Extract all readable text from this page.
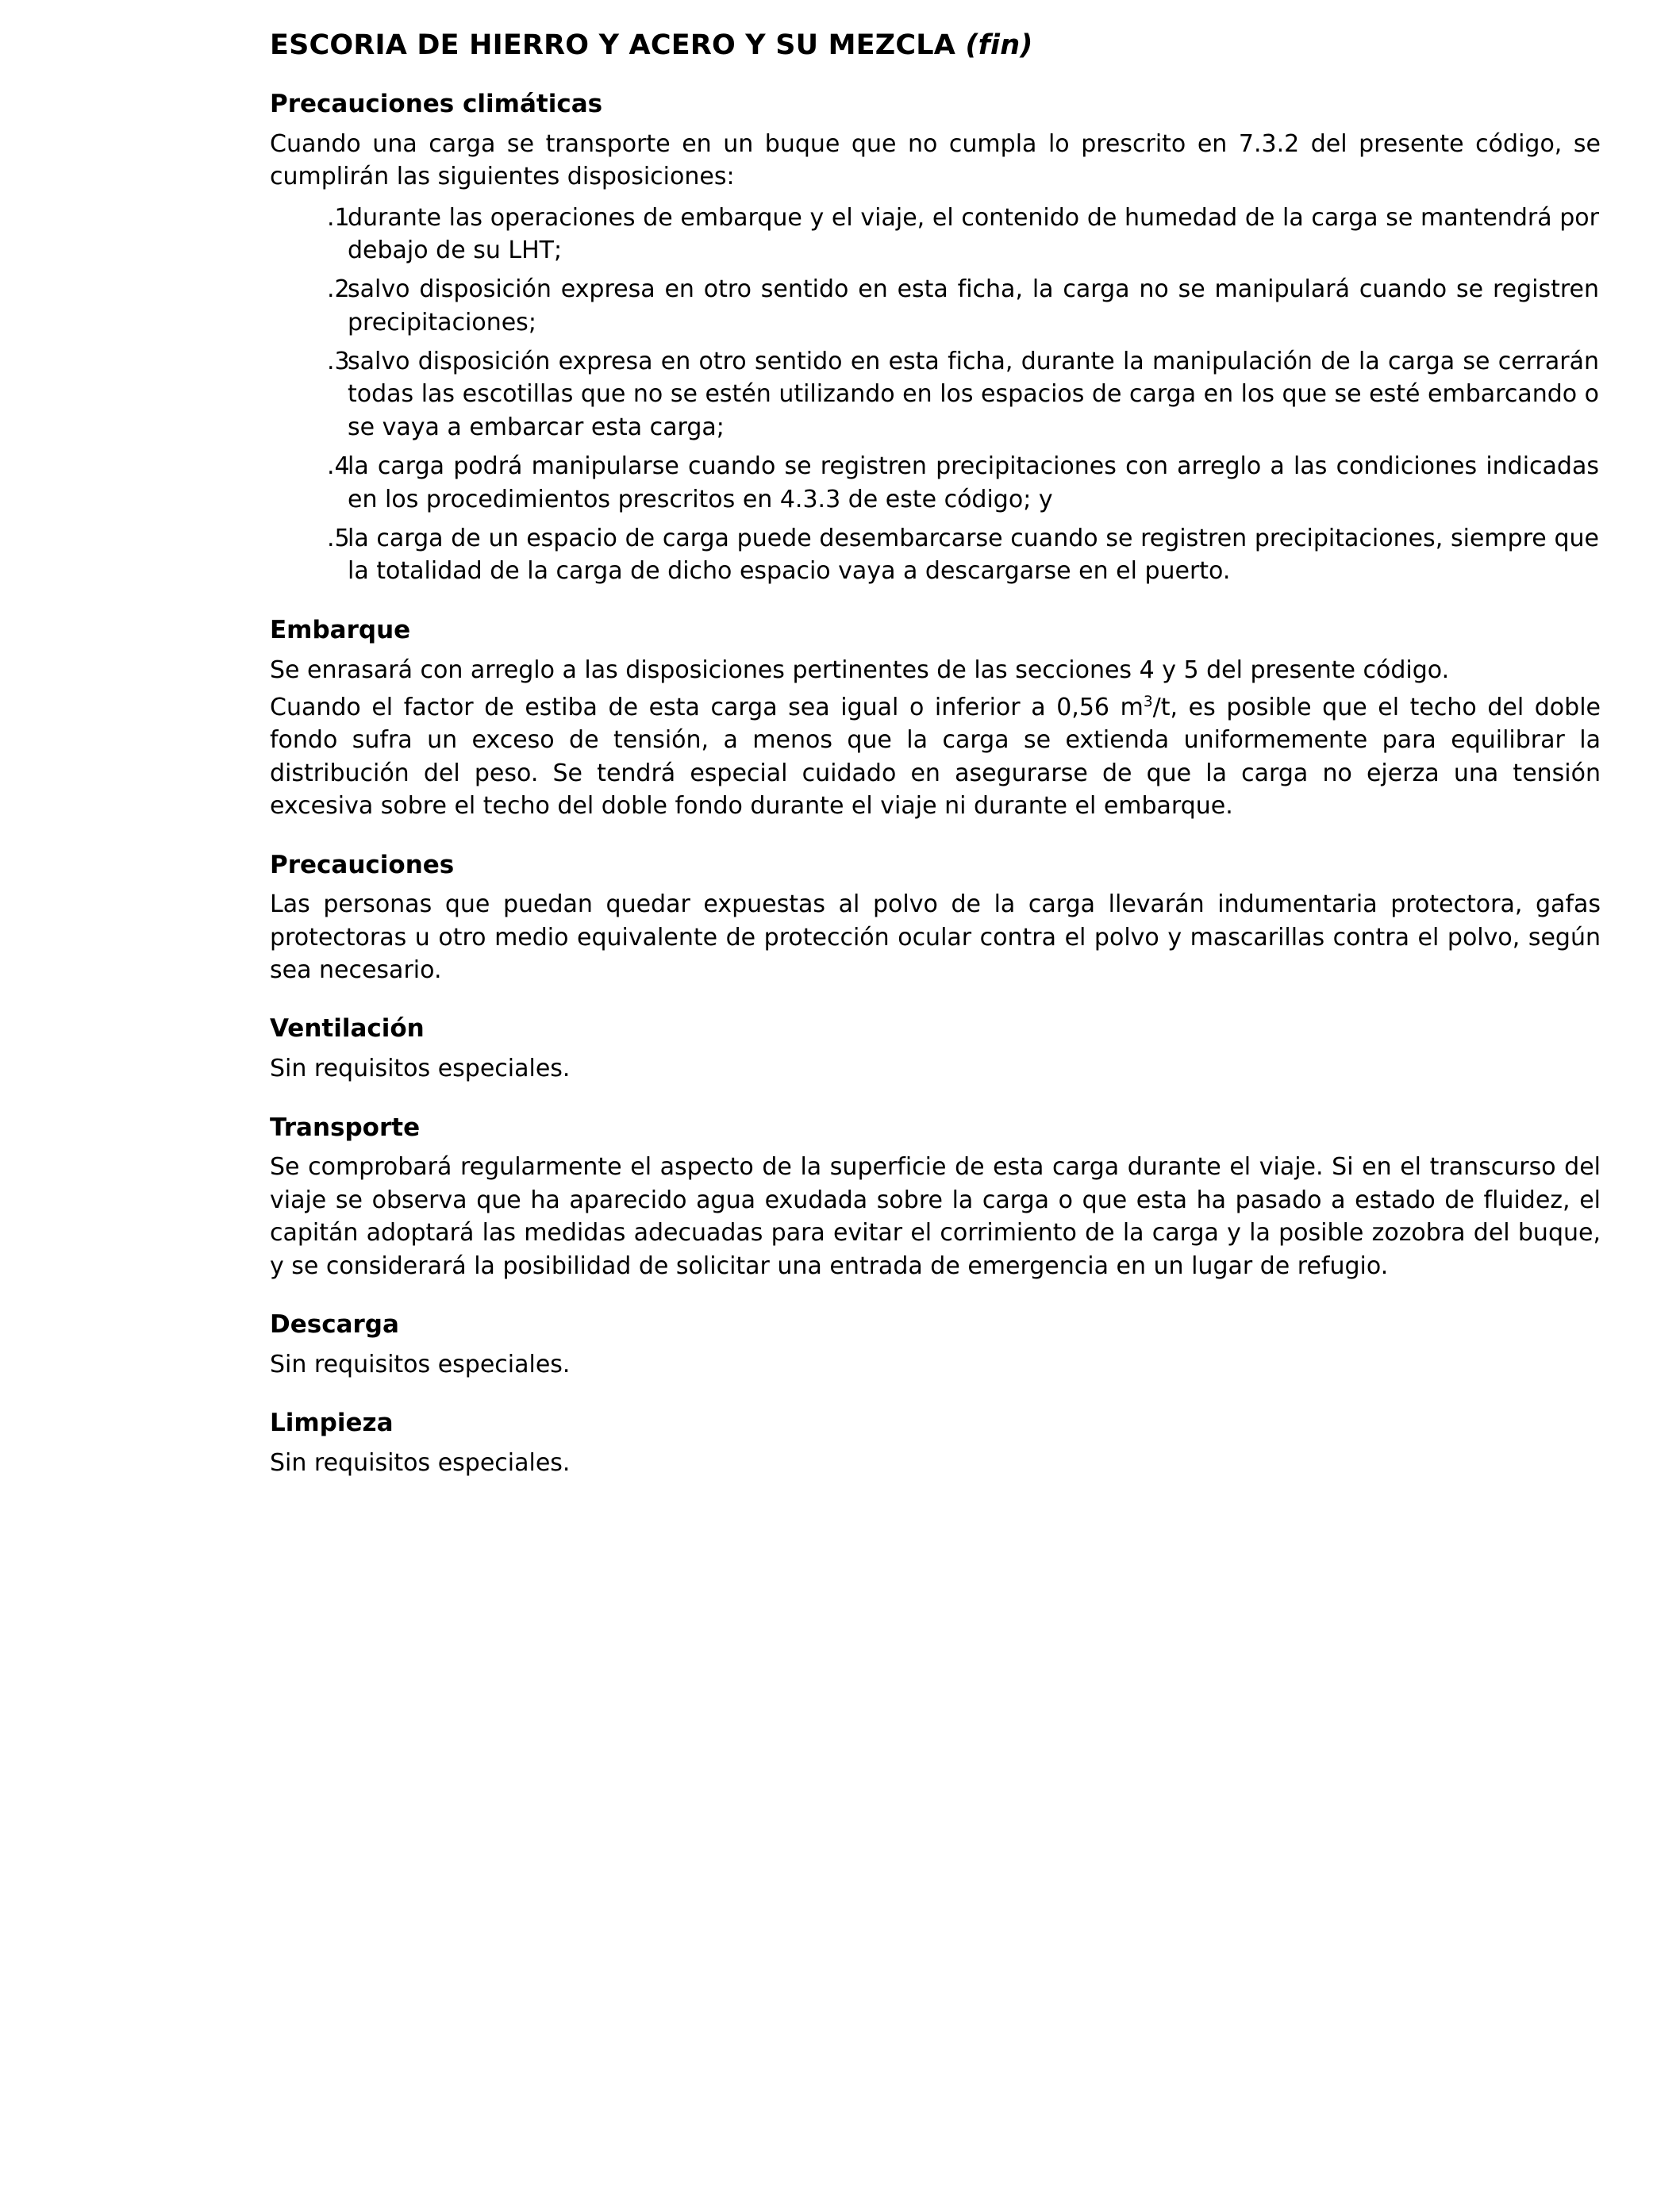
ESCORIA DE HIERRO Y ACERO Y SU MEZCLA (fin)
Precauciones climáticas

Cuando una carga se transporte en un buque que no cumpla lo prescrito en 7.3.2 del presente código, se cumplirán las siguientes disposiciones:

.1
durante las operaciones de embarque y el viaje, el contenido de humedad de la carga se mantendrá por debajo de su LHT;
.2
salvo disposición expresa en otro sentido en esta ficha, la carga no se manipulará cuando se registren precipitaciones;
.3
salvo disposición expresa en otro sentido en esta ficha, durante la manipulación de la carga se cerrarán todas las escotillas que no se estén utilizando en los espacios de carga en los que se esté embarcando o se vaya a embarcar esta carga;
.4
la carga podrá manipularse cuando se registren precipitaciones con arreglo a las condiciones indicadas en los procedimientos prescritos en 4.3.3 de este código; y
.5
la carga de un espacio de carga puede desembarcarse cuando se registren precipitaciones, siempre que la totalidad de la carga de dicho espacio vaya a descargarse en el puerto.
Embarque

Se enrasará con arreglo a las disposiciones pertinentes de las secciones 4 y 5 del presente código.

Cuando el factor de estiba de esta carga sea igual o inferior a 0,56 $m^3/t$, es posible que el techo del doble fondo sufra un exceso de tensión, a menos que la carga se extienda uniformemente para equilibrar la distribución del peso. Se tendrá especial cuidado en asegurarse de que la carga no ejerza una tensión excesiva sobre el techo del doble fondo durante el viaje ni durante el embarque.

Precauciones

Las personas que puedan quedar expuestas al polvo de la carga llevarán indumentaria protectora, gafas protectoras u otro medio equivalente de protección ocular contra el polvo y mascarillas contra el polvo, según sea necesario.

Ventilación

Sin requisitos especiales.

Transporte

Se comprobará regularmente el aspecto de la superficie de esta carga durante el viaje. Si en el transcurso del viaje se observa que ha aparecido agua exudada sobre la carga o que esta ha pasado a estado de fluidez, el capitán adoptará las medidas adecuadas para evitar el corrimiento de la carga y la posible zozobra del buque, y se considerará la posibilidad de solicitar una entrada de emergencia en un lugar de refugio.

Descarga

Sin requisitos especiales.

Limpieza

Sin requisitos especiales.
